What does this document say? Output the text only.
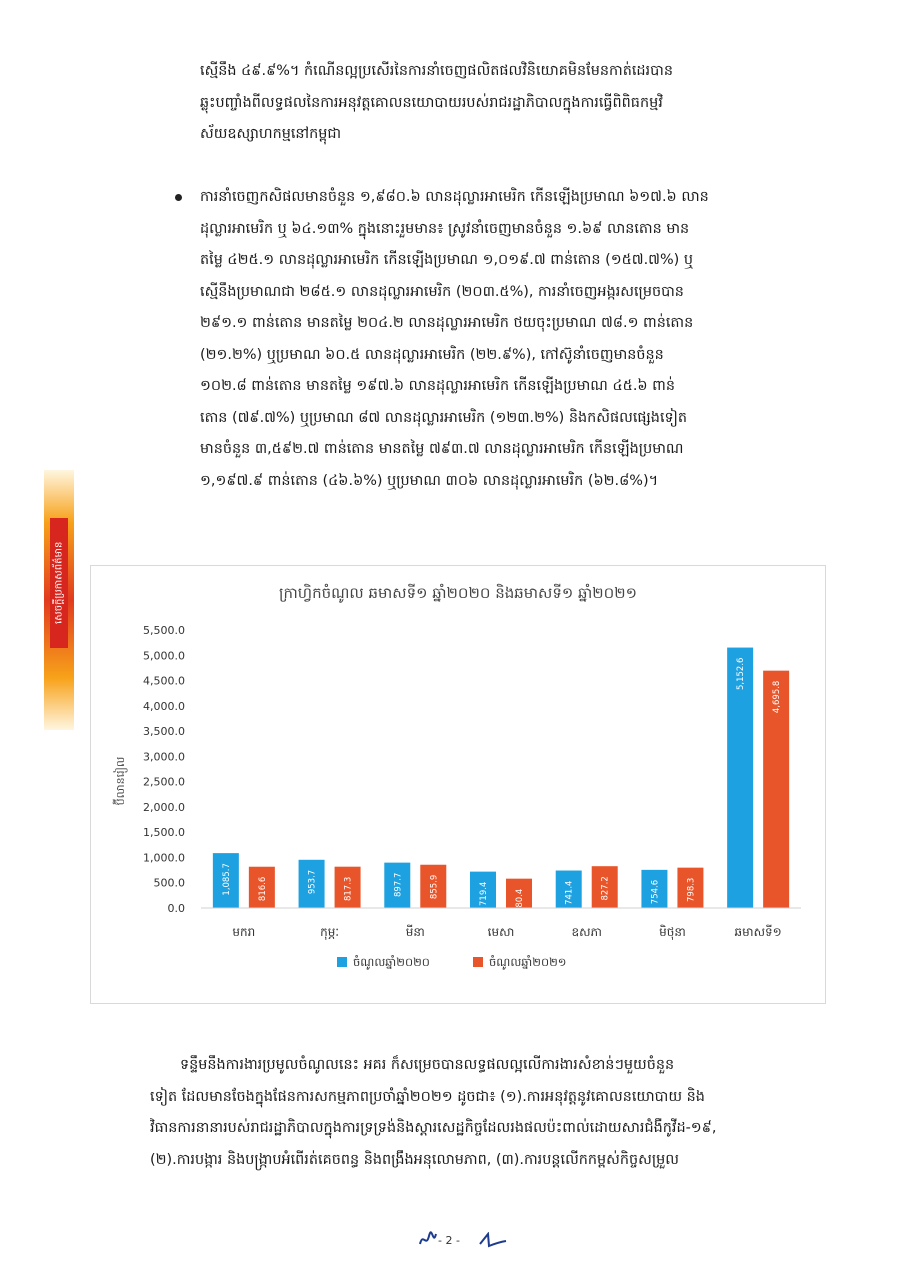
សេចក្តីប្រកាសព័ត៌មាន
ស្មើនឹង ៤៩.៩%។ កំណើនល្អប្រសើរនៃការនាំចេញផលិតផលវិនិយោគមិនមែនកាត់ដេរបាន
ឆ្លុះបញ្ចាំងពីលទ្ធផលនៃការអនុវត្តគោលនយោបាយរបស់រាជរដ្ឋាភិបាលក្នុងការធ្វើពិពិធកម្មវិ
ស័យឧស្សាហកម្មនៅកម្ពុជា
ការនាំចេញកសិផលមានចំនួន ១,៩៨០.៦ លានដុល្លារអាមេរិក កើនឡើងប្រមាណ ៦១៧.៦ លាន
ដុល្លារអាមេរិក ឬ ៦៤.១៣% ក្នុងនោះរួមមាន៖ ស្រូវនាំចេញមានចំនួន ១.៦៩ លានតោន មាន
តម្លៃ ៤២៥.១ លានដុល្លារអាមេរិក កើនឡើងប្រមាណ ១,០១៩.៧ ពាន់តោន (១៥៧.៧%) ឬ
ស្មើនឹងប្រមាណជា ២៨៥.១ លានដុល្លារអាមេរិក (២០៣.៥%), ការនាំចេញអង្ករសម្រេចបាន
២៩១.១ ពាន់តោន មានតម្លៃ ២០៤.២ លានដុល្លារអាមេរិក ថយចុះប្រមាណ ៧៨.១ ពាន់តោន
(២១.២%) ឬប្រមាណ ៦០.៥ លានដុល្លារអាមេរិក (២២.៩%), កៅស៊ូនាំចេញមានចំនួន
១០២.៨ ពាន់តោន មានតម្លៃ ១៩៧.៦ លានដុល្លារអាមេរិក កើនឡើងប្រមាណ ៤៥.៦ ពាន់
តោន (៧៩.៧%) ឬប្រមាណ ៨៧ លានដុល្លារអាមេរិក (១២៣.២%) និងកសិផលផ្សេងទៀត
មានចំនួន ៣,៥៩២.៧ ពាន់តោន មានតម្លៃ ៧៩៣.៧ លានដុល្លារអាមេរិក កើនឡើងប្រមាណ
១,១៩៧.៩ ពាន់តោន (៤៦.៦%) ឬប្រមាណ ៣០៦ លានដុល្លារអាមេរិក (៦២.៨%)។
ក្រាហ្វិកចំណូល ឆមាសទី១ ឆ្នាំ២០២០ និងឆមាសទី១ ឆ្នាំ២០២១
ប៊ីលានរៀល
0.0
500.0
1,000.0
1,500.0
2,000.0
2,500.0
3,000.0
3,500.0
4,000.0
4,500.0
5,000.0
5,500.0
1,085.7	816.6
មករា
953.7	817.3
កុម្ភៈ
897.7	855.9
មីនា
719.4	580.4
មេសា
741.4	827.2
ឧសភា
754.6	798.3
មិថុនា
5,152.6
4,695.8
ឆមាសទី១
ចំណូលឆ្នាំ២០២០	ចំណូលឆ្នាំ២០២១
ទន្ទឹមនឹងការងារប្រមូលចំណូលនេះ អគរ ក៏សម្រេចបានលទ្ធផលល្អលើការងារសំខាន់ៗមួយចំនួន
ទៀត ដែលមានចែងក្នុងផែនការសកម្មភាពប្រចាំឆ្នាំ២០២១ ដូចជា៖ (១).ការអនុវត្តនូវគោលនយោបាយ និង
វិធានការនានារបស់រាជរដ្ឋាភិបាលក្នុងការទ្រទ្រង់និងស្តារសេដ្ឋកិច្ចដែលរងផលប៉ះពាល់ដោយសារជំងឺកូវីដ-១៩,
(២).ការបង្ការ និងបង្ក្រាបអំពើរត់គេចពន្ធ និងពង្រឹងអនុលោមភាព, (៣).ការបន្តលើកកម្ពស់កិច្ចសម្រួល
- 2 -
